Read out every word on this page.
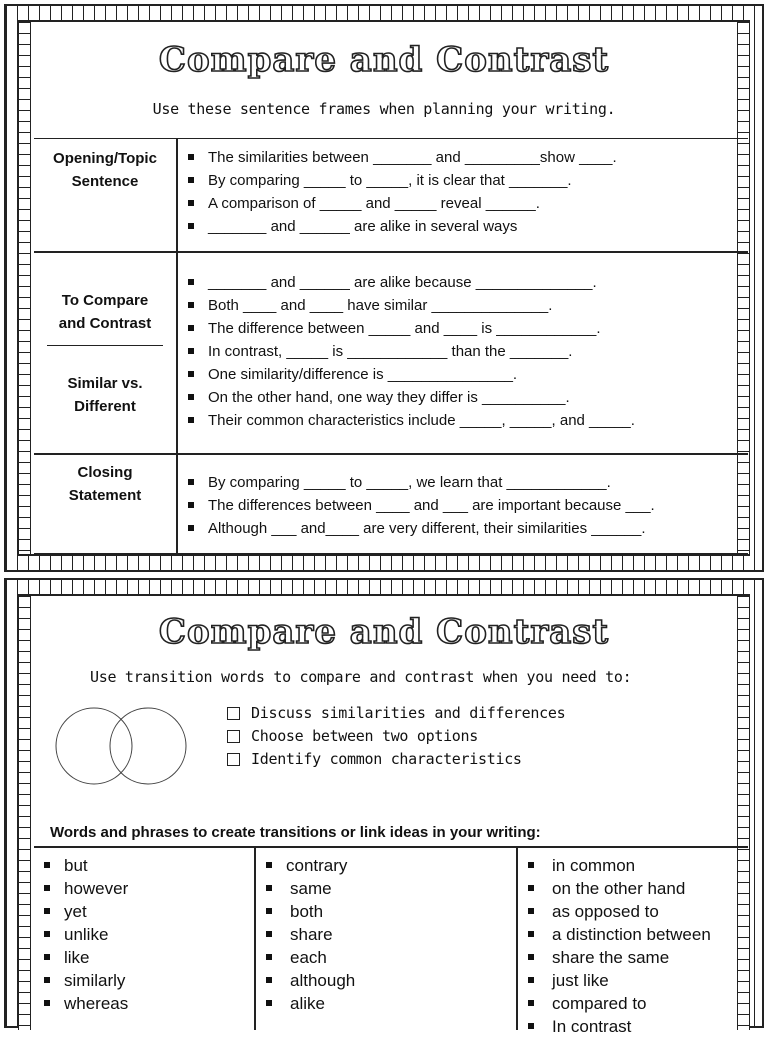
Compare and Contrast
Use these sentence frames when planning your writing.
Opening/Topic Sentence
The similarities between _______ and _________show ____.
By comparing _____ to _____, it is clear that _______.
A comparison of _____ and _____ reveal ______.
_______ and ______ are alike in several ways
To Compare and Contrast
Similar vs. Different
_______ and ______ are alike because ______________.
Both ____ and ____ have similar ______________.
The difference between _____ and ____ is ____________.
In contrast, _____ is ____________ than the _______.
One similarity/difference is _______________.
On the other hand, one way they differ is __________.
Their common characteristics include _____, _____, and _____.
Closing Statement
By comparing _____ to _____, we learn that ____________.
The differences between ____ and ___ are important because ___.
Although ___ and____ are very different, their similarities ______.
Compare and Contrast
Use transition words to compare and contrast when you need to:
Discuss similarities and differences
Choose between two options
Identify common characteristics
Words and phrases to create transitions or link ideas in your writing:
but
however
yet
unlike
like
similarly
whereas
contrary
same
both
share
each
although
alike
in common
on the other hand
as opposed to
a distinction between
share the same
just like
compared to
In contrast
